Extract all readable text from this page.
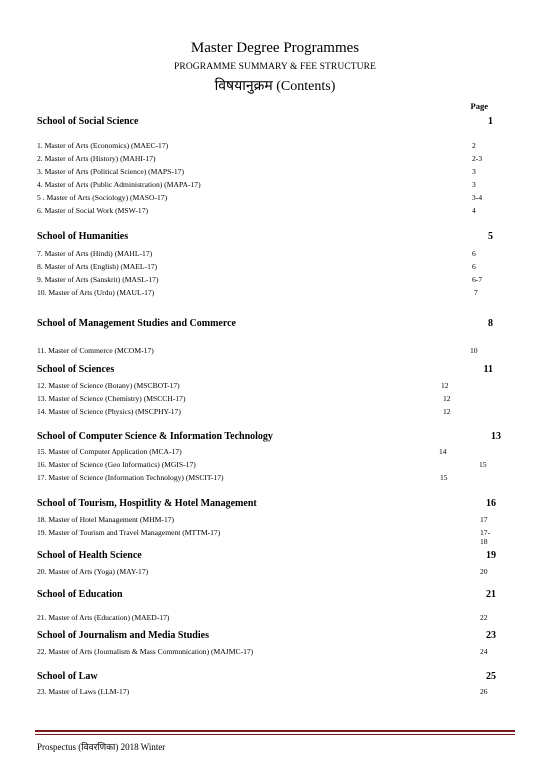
Master Degree Programmes
PROGRAMME SUMMARY & FEE STRUCTURE
विषयानुक्रम (Contents)
Page
School of Social Science	1
1. Master of Arts (Economics) (MAEC-17)	2
2. Master of Arts (History) (MAHI-17)	2-3
3. Master of Arts (Political Science) (MAPS-17)	3
4. Master of Arts (Public Administration) (MAPA-17)	3
5 . Master of Arts (Sociology) (MASO-17)	3-4
6. Master of Social Work (MSW-17)	4
School of Humanities	5
7. Master of Arts (Hindi) (MAHL-17)	6
8. Master of Arts (English) (MAEL-17)	6
9. Master of Arts (Sanskrit) (MASL-17)	6-7
10. Master of Arts (Urdu) (MAUL-17)	7
School of Management Studies and Commerce	8
11. Master of Commerce (MCOM-17)	10
School of Sciences	11
12. Master of Science (Botany) (MSCBOT-17)	12
13. Master of Science (Chemistry) (MSCCH-17)	12
14. Master of Science (Physics) (MSCPHY-17)	12
School of Computer Science & Information Technology	13
15. Master of Computer Application (MCA-17)	14
16. Master of Science (Geo Informatics) (MGIS-17)	15
17. Master of Science (Information Technology) (MSCIT-17)	15
School of Tourism, Hospitlity & Hotel Management	16
18. Master of Hotel Management (MHM-17)	17
19. Master of Tourism and Travel Management (MTTM-17)	17-18
School of Health Science	19
20. Master of Arts (Yoga) (MAY-17)	20
School of Education	21
21. Master of Arts (Education) (MAED-17)	22
School of Journalism and Media Studies	23
22. Master of Arts (Journalism & Mass Communication) (MAJMC-17)	24
School of Law	25
23. Master of Laws (LLM-17)	26
Prospectus (विवरणिका) 2018 Winter
